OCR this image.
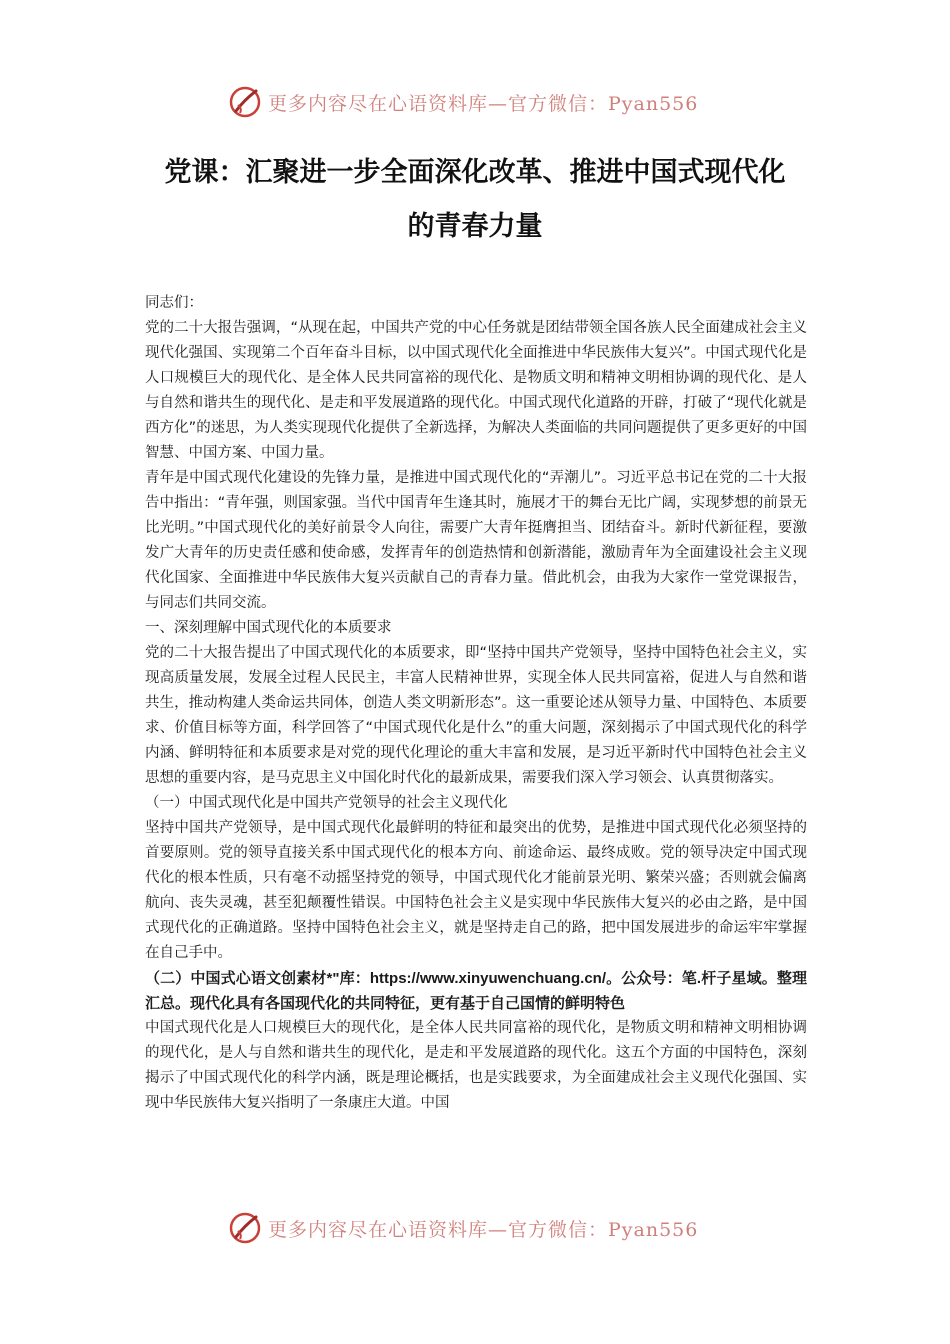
更多内容尽在心语资料库—官方微信：Pyan556
党课：汇聚进一步全面深化改革、推进中国式现代化
的青春力量

同志们：

党的二十大报告强调，“从现在起，中国共产党的中心任务就是团结带领全国各族人民全面建成社会主义现代化强国、实现第二个百年奋斗目标，以中国式现代化全面推进中华民族伟大复兴”。中国式现代化是人口规模巨大的现代化、是全体人民共同富裕的现代化、是物质文明和精神文明相协调的现代化、是人与自然和谐共生的现代化、是走和平发展道路的现代化。中国式现代化道路的开辟，打破了“现代化就是西方化”的迷思，为人类实现现代化提供了全新选择，为解决人类面临的共同问题提供了更多更好的中国智慧、中国方案、中国力量。

青年是中国式现代化建设的先锋力量，是推进中国式现代化的“弄潮儿”。习近平总书记在党的二十大报告中指出：“青年强，则国家强。当代中国青年生逢其时，施展才干的舞台无比广阔，实现梦想的前景无比光明。”中国式现代化的美好前景令人向往，需要广大青年挺膺担当、团结奋斗。新时代新征程，要激发广大青年的历史责任感和使命感，发挥青年的创造热情和创新潜能，激励青年为全面建设社会主义现代化国家、全面推进中华民族伟大复兴贡献自己的青春力量。借此机会，由我为大家作一堂党课报告，与同志们共同交流。

一、深刻理解中国式现代化的本质要求

党的二十大报告提出了中国式现代化的本质要求，即“坚持中国共产党领导，坚持中国特色社会主义，实现高质量发展，发展全过程人民民主，丰富人民精神世界，实现全体人民共同富裕，促进人与自然和谐共生，推动构建人类命运共同体，创造人类文明新形态”。这一重要论述从领导力量、中国特色、本质要求、价值目标等方面，科学回答了“中国式现代化是什么”的重大问题，深刻揭示了中国式现代化的科学内涵、鲜明特征和本质要求是对党的现代化理论的重大丰富和发展，是习近平新时代中国特色社会主义思想的重要内容，是马克思主义中国化时代化的最新成果，需要我们深入学习领会、认真贯彻落实。

（一）中国式现代化是中国共产党领导的社会主义现代化

坚持中国共产党领导，是中国式现代化最鲜明的特征和最突出的优势，是推进中国式现代化必须坚持的首要原则。党的领导直接关系中国式现代化的根本方向、前途命运、最终成败。党的领导决定中国式现代化的根本性质，只有毫不动摇坚持党的领导，中国式现代化才能前景光明、繁荣兴盛；否则就会偏离航向、丧失灵魂，甚至犯颠覆性错误。中国特色社会主义是实现中华民族伟大复兴的必由之路，是中国式现代化的正确道路。坚持中国特色社会主义，就是坚持走自己的路，把中国发展进步的命运牢牢掌握在自己手中。

（二）中国式心语文创素材*"库：https://www.xinyuwenchuang.cn/。公众号：笔.杆子星域。整理汇总。现代化具有各国现代化的共同特征，更有基于自己国情的鲜明特色

中国式现代化是人口规模巨大的现代化，是全体人民共同富裕的现代化，是物质文明和精神文明相协调的现代化，是人与自然和谐共生的现代化，是走和平发展道路的现代化。这五个方面的中国特色，深刻揭示了中国式现代化的科学内涵，既是理论概括，也是实践要求，为全面建成社会主义现代化强国、实现中华民族伟大复兴指明了一条康庄大道。中国

更多内容尽在心语资料库—官方微信：Pyan556
